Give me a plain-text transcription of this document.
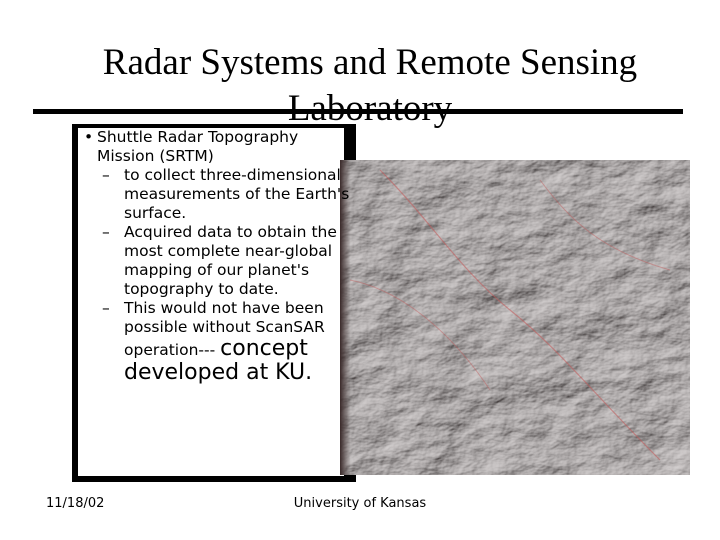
Radar Systems and Remote Sensing

• Shuttle Radar Topography Mission (SRTM)
– to collect three-dimensional measurements of the Earth's surface.
– Acquired data to obtain the most complete near-global mapping of our planet's topography to date.
– This would not have been possible without ScanSAR operation--- concept developed at KU.
11/18/02	University of Kansas
